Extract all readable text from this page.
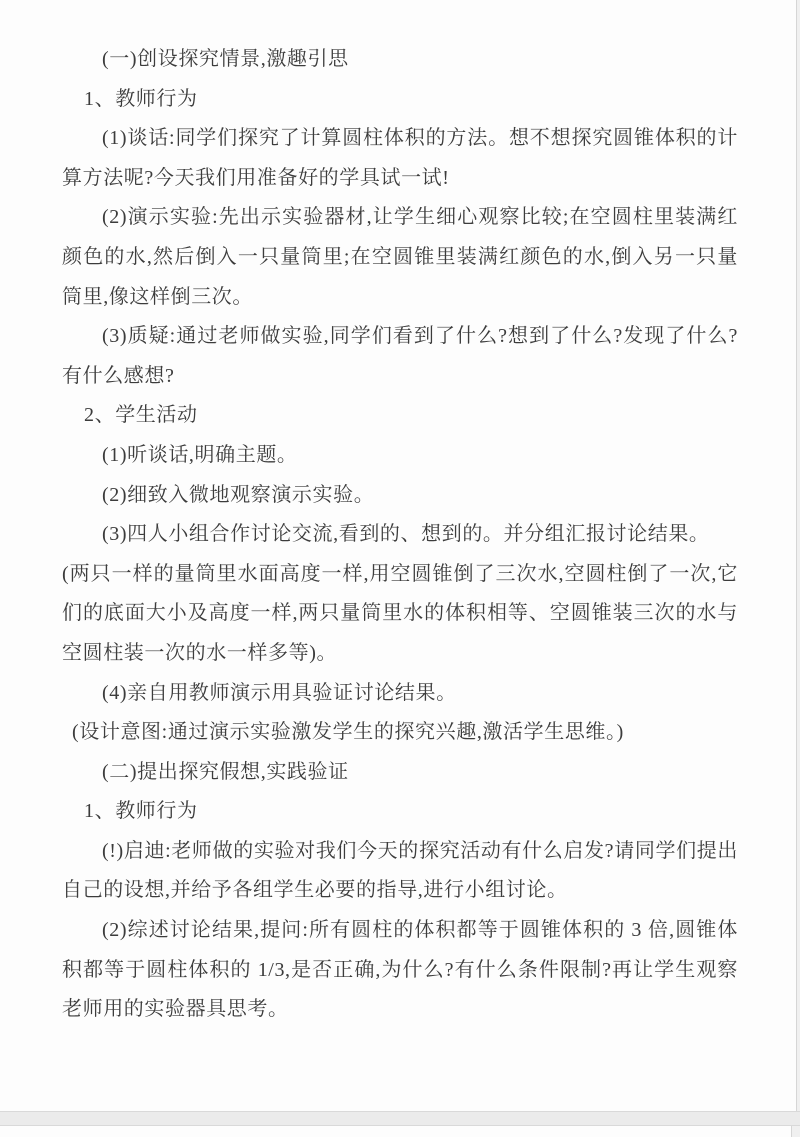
(一)创设探究情景,激趣引思

1、教师行为

(1)谈话:同学们探究了计算圆柱体积的方法。想不想探究圆锥体积的计算方法呢?今天我们用准备好的学具试一试!

(2)演示实验:先出示实验器材,让学生细心观察比较;在空圆柱里装满红颜色的水,然后倒入一只量筒里;在空圆锥里装满红颜色的水,倒入另一只量筒里,像这样倒三次。

(3)质疑:通过老师做实验,同学们看到了什么?想到了什么?发现了什么?有什么感想?

2、学生活动

(1)听谈话,明确主题。

(2)细致入微地观察演示实验。

(3)四人小组合作讨论交流,看到的、想到的。并分组汇报讨论结果。

(两只一样的量筒里水面高度一样,用空圆锥倒了三次水,空圆柱倒了一次,它们的底面大小及高度一样,两只量筒里水的体积相等、空圆锥装三次的水与空圆柱装一次的水一样多等)。

(4)亲自用教师演示用具验证讨论结果。

(设计意图:通过演示实验激发学生的探究兴趣,激活学生思维。)

(二)提出探究假想,实践验证

1、教师行为

(!)启迪:老师做的实验对我们今天的探究活动有什么启发?请同学们提出自己的设想,并给予各组学生必要的指导,进行小组讨论。

(2)综述讨论结果,提问:所有圆柱的体积都等于圆锥体积的 3 倍,圆锥体积都等于圆柱体积的 1/3,是否正确,为什么?有什么条件限制?再让学生观察老师用的实验器具思考。
